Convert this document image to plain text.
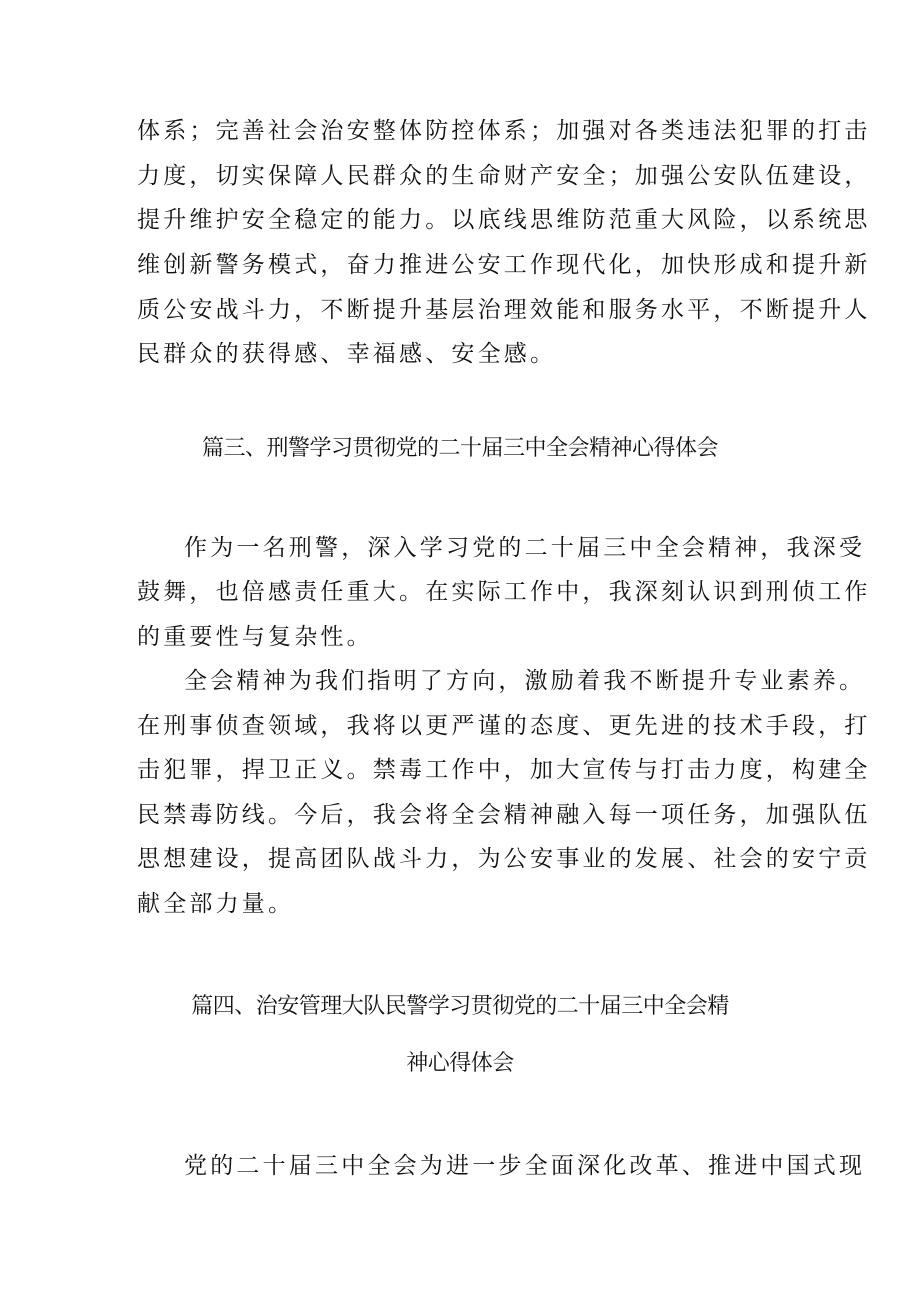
体系；完善社会治安整体防控体系；加强对各类违法犯罪的打击
力度，切实保障人民群众的生命财产安全；加强公安队伍建设，
提升维护安全稳定的能力。以底线思维防范重大风险，以系统思
维创新警务模式，奋力推进公安工作现代化，加快形成和提升新
质公安战斗力，不断提升基层治理效能和服务水平，不断提升人
民群众的获得感、幸福感、安全感。
篇三、刑警学习贯彻党的二十届三中全会精神心得体会
作为一名刑警，深入学习党的二十届三中全会精神，我深受
鼓舞，也倍感责任重大。在实际工作中，我深刻认识到刑侦工作
的重要性与复杂性。
全会精神为我们指明了方向，激励着我不断提升专业素养。
在刑事侦查领域，我将以更严谨的态度、更先进的技术手段，打
击犯罪，捍卫正义。禁毒工作中，加大宣传与打击力度，构建全
民禁毒防线。今后，我会将全会精神融入每一项任务，加强队伍
思想建设，提高团队战斗力，为公安事业的发展、社会的安宁贡
献全部力量。
篇四、治安管理大队民警学习贯彻党的二十届三中全会精
神心得体会
党的二十届三中全会为进一步全面深化改革、推进中国式现
